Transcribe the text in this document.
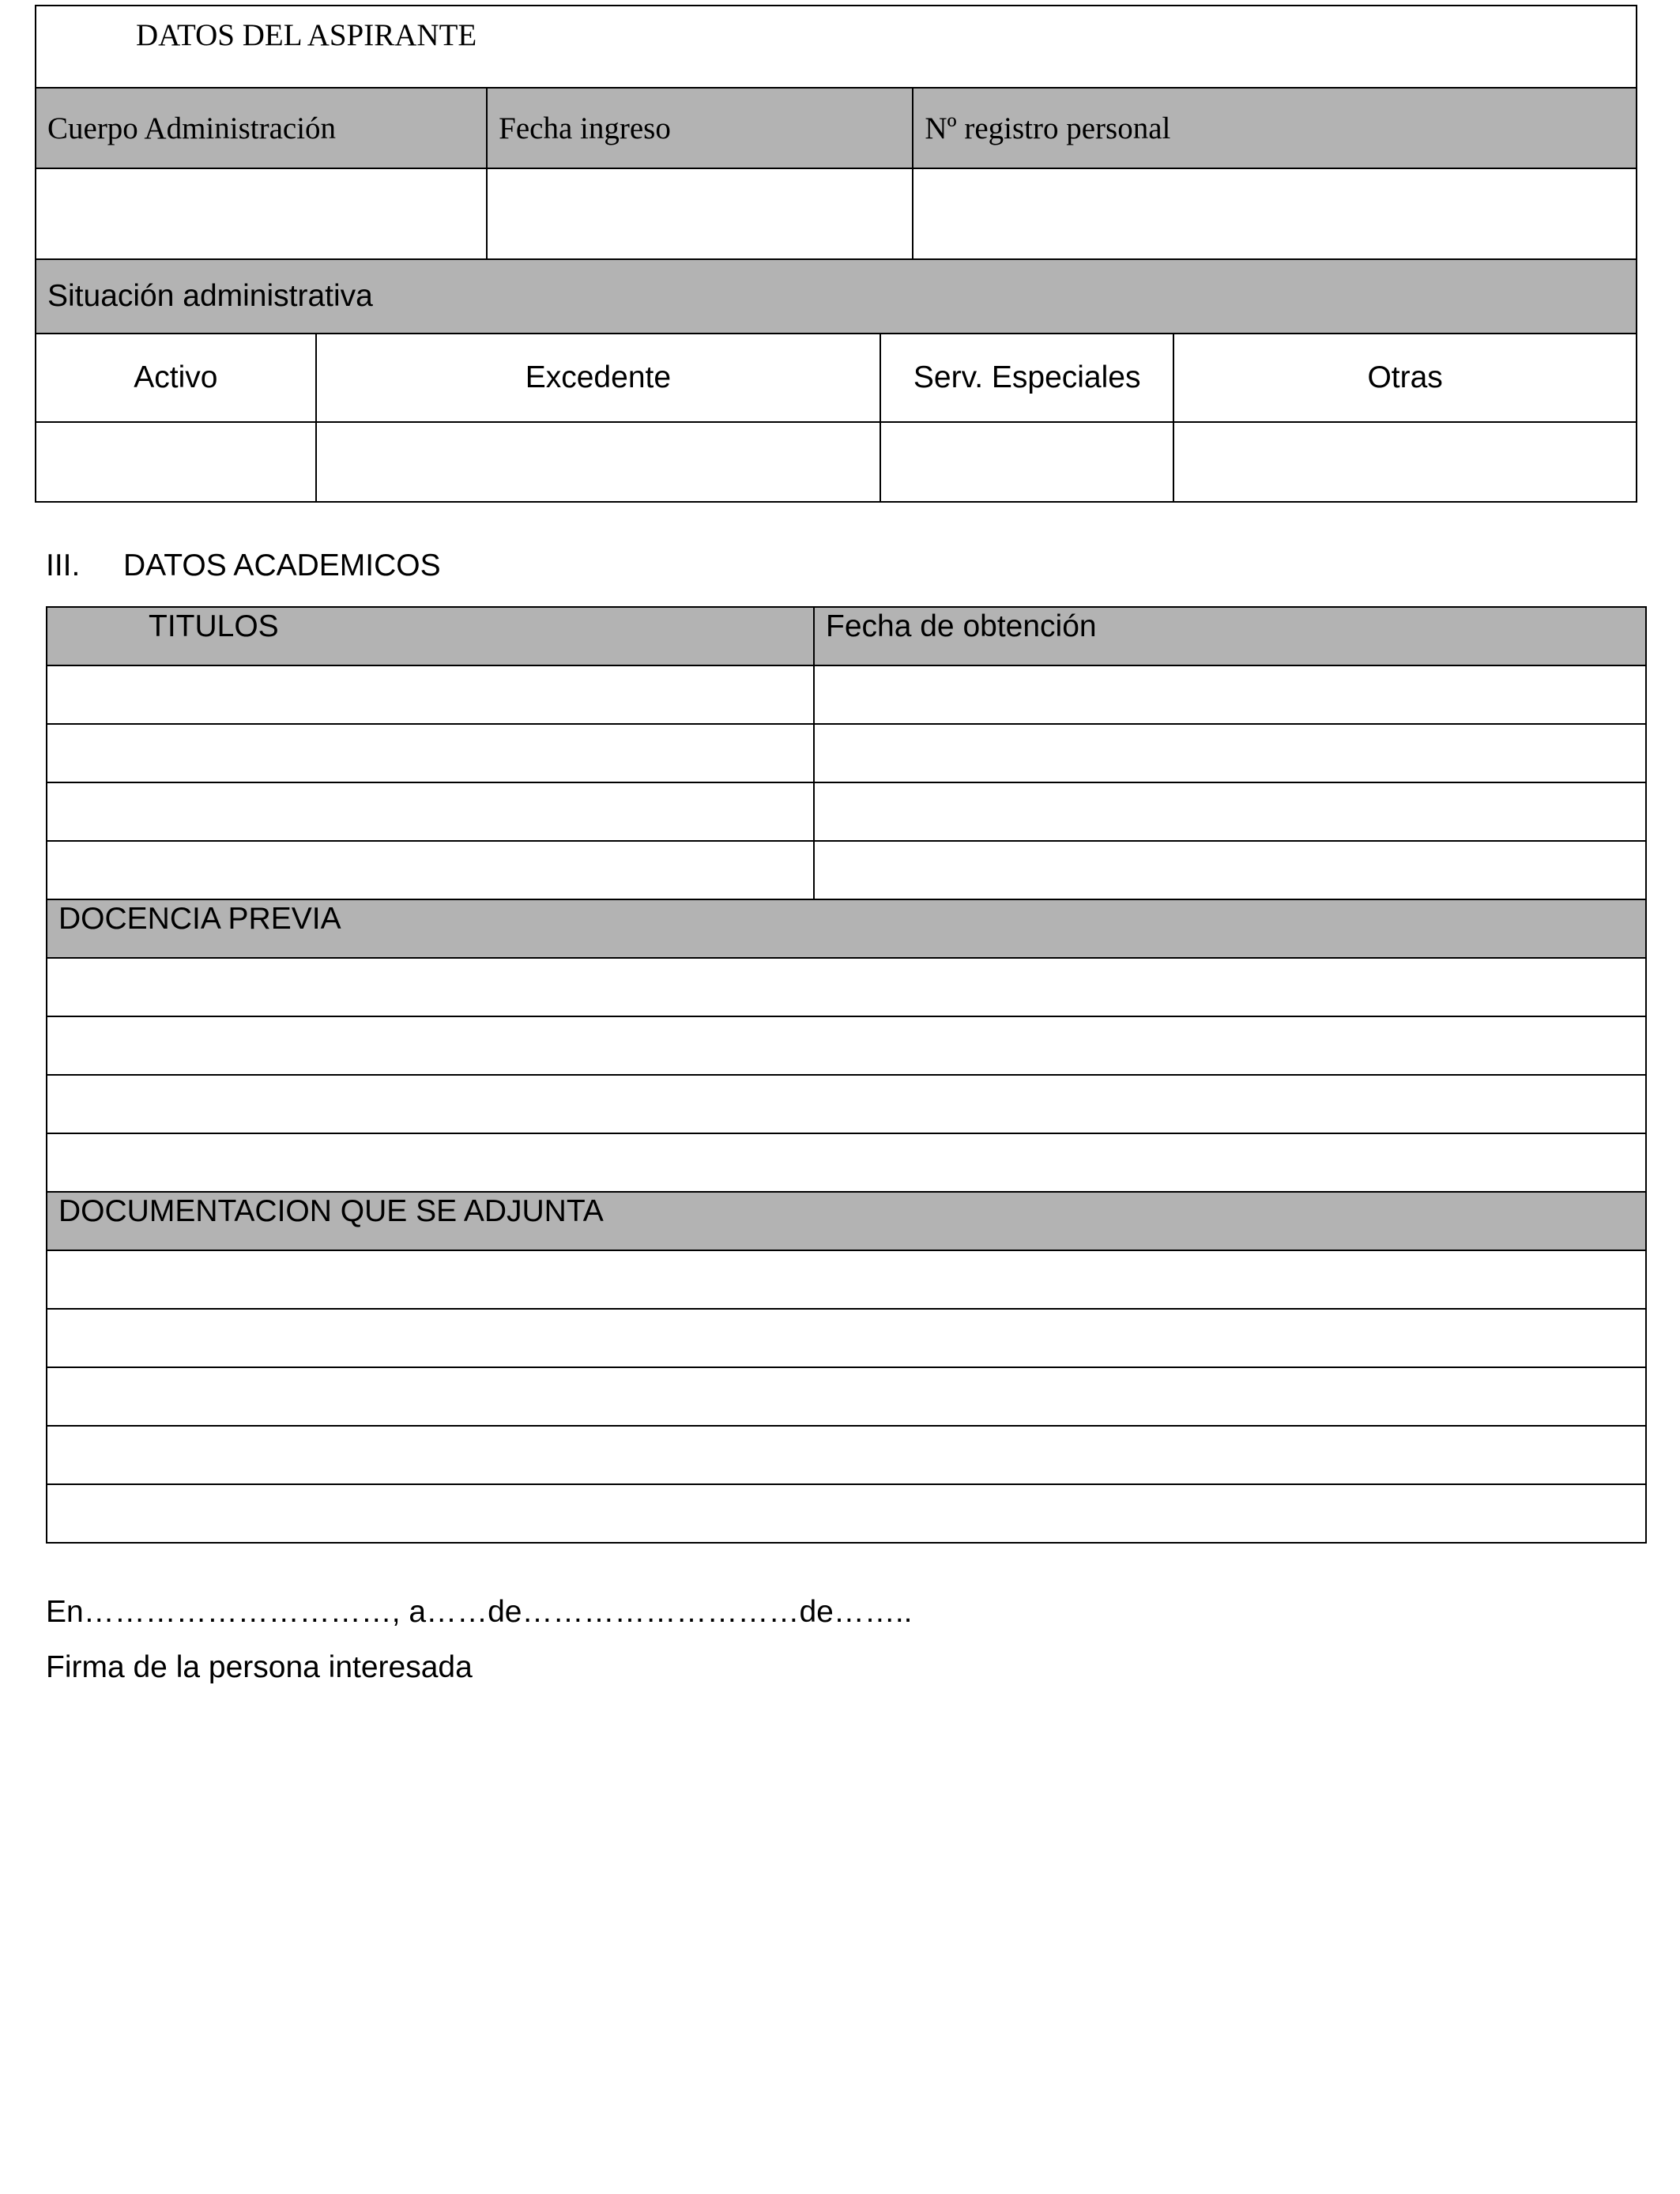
DATOS DEL ASPIRANTE					
Cuerpo Administración		Fecha ingreso		Nº registro personal	

Situación administrativa					
Activo	Excedente		Serv. Especiales		Otras

III. DATOS ACADEMICOS
TITULOS	Fecha de obtención

DOCENCIA PREVIA	

DOCUMENTACION QUE SE ADJUNTA	

En…………………………, a……de………………………de……..
Firma de la persona interesada
